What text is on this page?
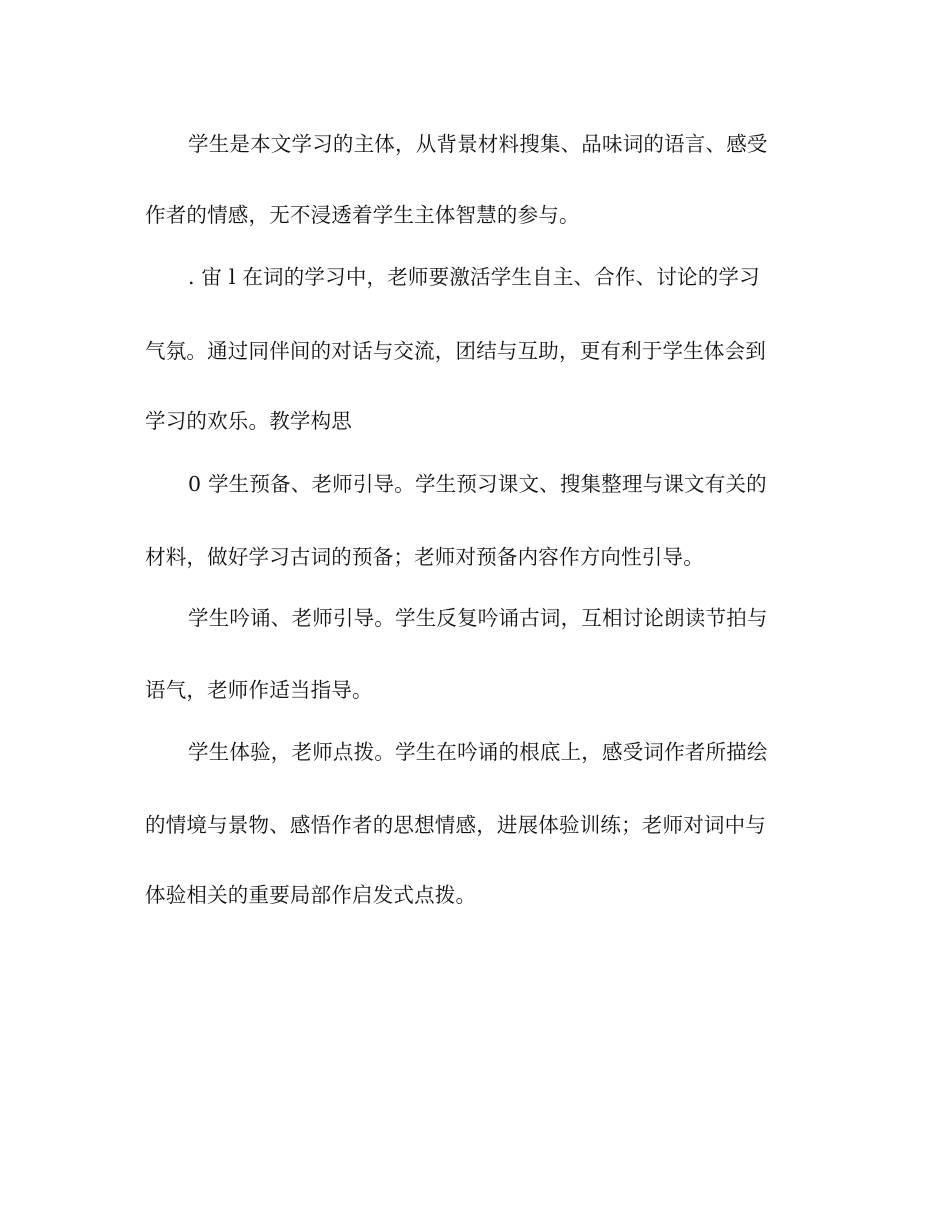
学生是本文学习的主体，从背景材料搜集、品味词的语言、感受
作者的情感，无不浸透着学生主体智慧的参与。
. 宙 l 在词的学习中，老师要激活学生自主、合作、讨论的学习
气氛。通过同伴间的对话与交流，团结与互助，更有利于学生体会到
学习的欢乐。教学构思
0 学生预备、老师引导。学生预习课文、搜集整理与课文有关的
材料，做好学习古词的预备；老师对预备内容作方向性引导。
学生吟诵、老师引导。学生反复吟诵古词，互相讨论朗读节拍与
语气，老师作适当指导。
学生体验，老师点拨。学生在吟诵的根底上，感受词作者所描绘
的情境与景物、感悟作者的思想情感，进展体验训练；老师对词中与
体验相关的重要局部作启发式点拨。
